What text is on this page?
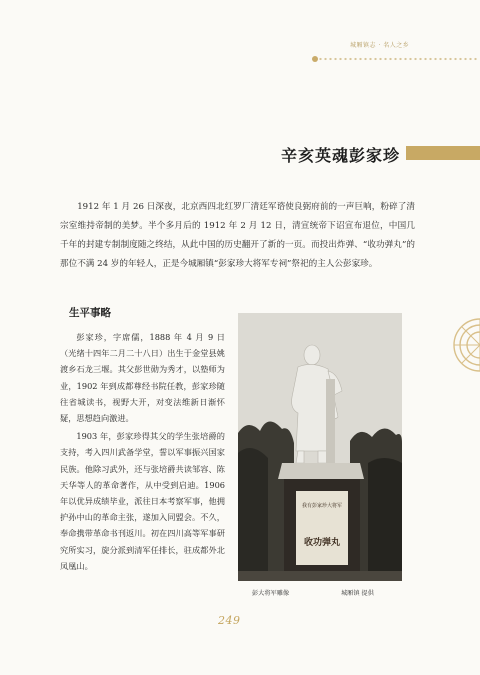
城厢镇志 · 名人之乡
辛亥英魂彭家珍

1912 年 1 月 26 日深夜，北京西四北红罗厂清廷军谘使良弼府前的一声巨响，粉碎了清宗室维持帝制的美梦。半个多月后的 1912 年 2 月 12 日，清宣统帝下诏宣布退位，中国几千年的封建专制制度随之终结，从此中国的历史翻开了新的一页。而投出炸弹、“收功弹丸”的那位不满 24 岁的年轻人，正是今城厢镇“彭家珍大将军专祠”祭祀的主人公彭家珍。

生平事略

彭家珍，字席儒，1888 年 4 月 9 日（光绪十四年二月二十八日）出生于金堂县姚渡乡石龙三堰。其父彭世勋为秀才，以塾师为业，1902 年到成都尊经书院任教，彭家珍随往省城读书，视野大开，对变法维新日渐怀疑，思想趋向激进。

1903 年，彭家珍得其父的学生张培爵的支持，考入四川武备学堂，誓以军事振兴国家民族。他除习武外，还与张培爵共读邹容、陈天华等人的革命著作，从中受到启迪。1906 年以优异成绩毕业，派往日本考察军事，他拥护孙中山的革命主张，遂加入同盟会。不久，奉命携带革命书刊返川。初在四川高等军事研究所实习，旋分派到清军任排长，驻成都外北凤凰山。

我有彭家珍大将军
收功弹丸
彭大将军雕像	城厢镇 提供
249
